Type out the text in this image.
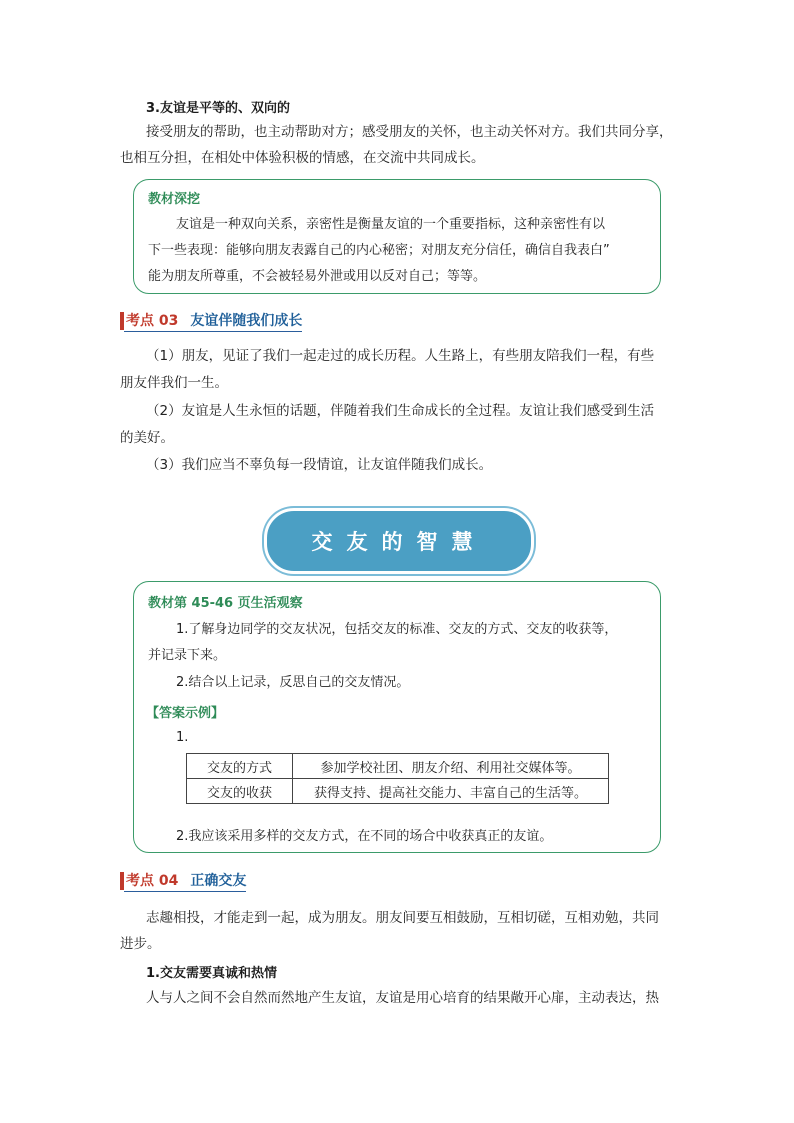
3.友谊是平等的、双向的
接受朋友的帮助，也主动帮助对方；感受朋友的关怀，也主动关怀对方。我们共同分享，
也相互分担，在相处中体验积极的情感，在交流中共同成长。
教材深挖
友谊是一种双向关系，亲密性是衡量友谊的一个重要指标，这种亲密性有以
下一些表现：能够向朋友表露自己的内心秘密；对朋友充分信任，确信自我表白”
能为朋友所尊重，不会被轻易外泄或用以反对自己；等等。
考点 03 友谊伴随我们成长
（1）朋友，见证了我们一起走过的成长历程。人生路上，有些朋友陪我们一程，有些
朋友伴我们一生。
（2）友谊是人生永恒的话题，伴随着我们生命成长的全过程。友谊让我们感受到生活
的美好。
（3）我们应当不辜负每一段情谊，让友谊伴随我们成长。
交友的智慧
教材第 45-46 页生活观察
1.了解身边同学的交友状况，包括交友的标准、交友的方式、交友的收获等，
并记录下来。
2.结合以上记录，反思自己的交友情况。
【答案示例】
1.
交友的方式	参加学校社团、朋友介绍、利用社交媒体等。
交友的收获	获得支持、提高社交能力、丰富自己的生活等。
2.我应该采用多样的交友方式，在不同的场合中收获真正的友谊。
考点 04 正确交友
志趣相投，才能走到一起，成为朋友。朋友间要互相鼓励，互相切磋，互相劝勉，共同
进步。
1.交友需要真诚和热情
人与人之间不会自然而然地产生友谊，友谊是用心培育的结果敞开心扉，主动表达，热
